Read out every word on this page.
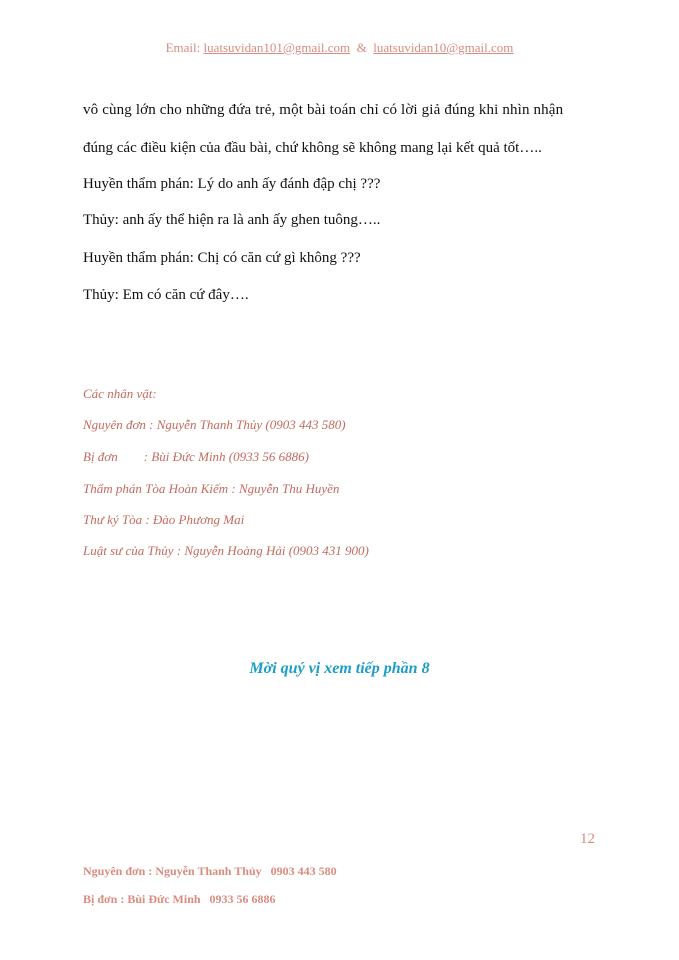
Email: luatsuvidan101@gmail.com & luatsuvidan10@gmail.com
vô cùng lớn cho những đứa trẻ, một bài toán chỉ có lời giả đúng khi nhìn nhận
đúng các điều kiện của đầu bài, chứ không sẽ không mang lại kết quả tốt…..
Huyền thẩm phán: Lý do anh ấy đánh đập chị ???
Thủy: anh ấy thể hiện ra là anh ấy ghen tuông…..
Huyền thẩm phán: Chị có căn cứ gì không ???
Thủy: Em có căn cứ đây….
Các nhân vật:
Nguyên đơn : Nguyễn Thanh Thủy (0903 443 580)
Bị đơn        : Bùi Đức Minh (0933 56 6886)
Thẩm phán Tòa Hoàn Kiếm : Nguyễn Thu Huyền
Thư ký Tòa : Đào Phương Mai
Luật sư của Thủy : Nguyễn Hoàng Hải (0903 431 900)
Mời quý vị xem tiếp phần 8
12
Nguyên đơn : Nguyễn Thanh Thủy   0903 443 580
Bị đơn : Bùi Đức Minh   0933 56 6886
